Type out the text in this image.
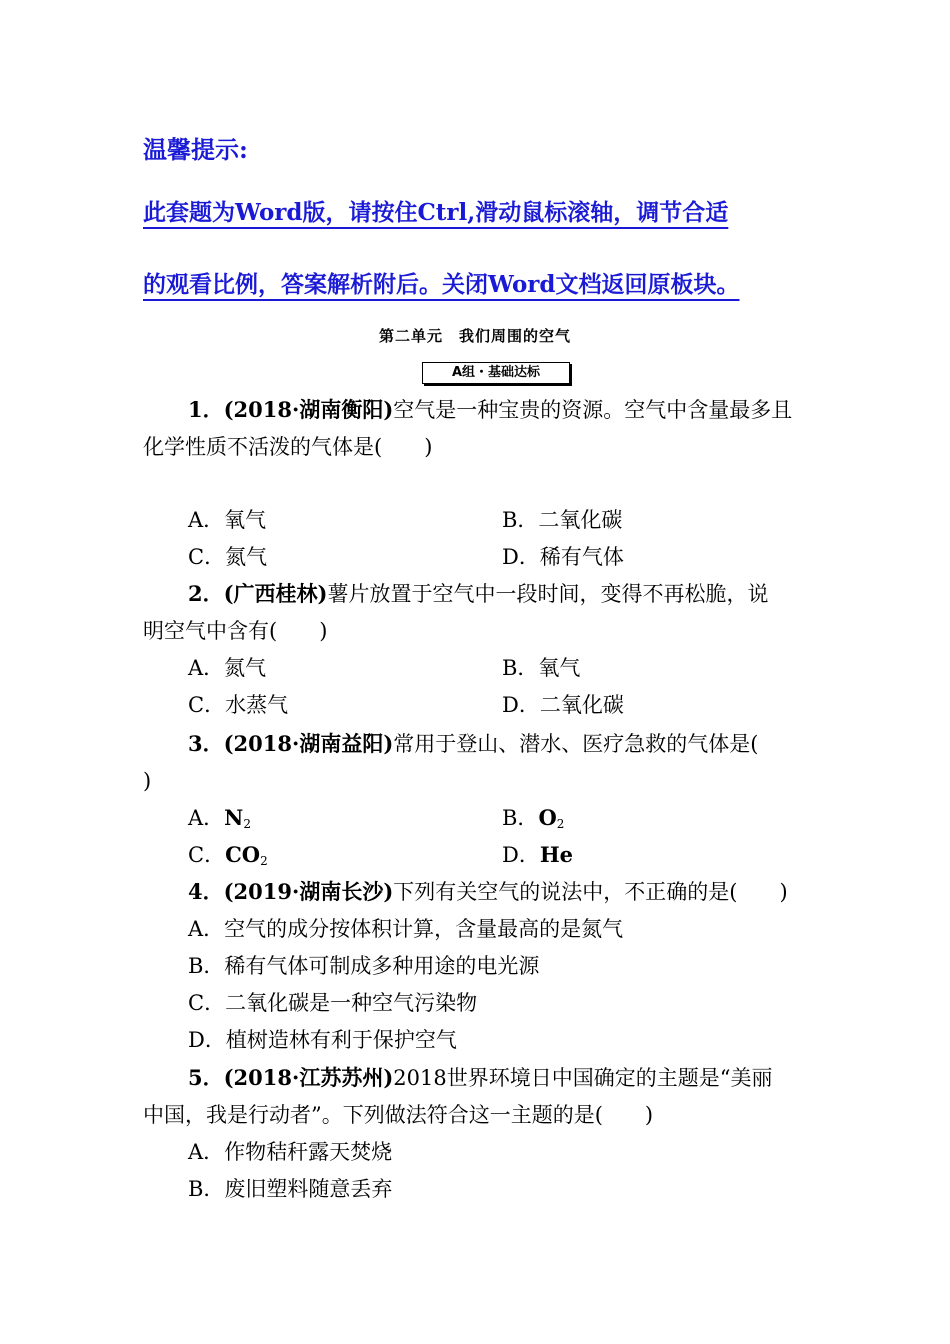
温馨提示:

此套题为Word版，请按住Ctrl,滑动鼠标滚轴，调节合适

的观看比例，答案解析附后。关闭Word文档返回原板块。

第二单元　我们周围的空气

A组・基础达标

1．(2018·湖南衡阳)空气是一种宝贵的资源。空气中含量最多且

化学性质不活泼的气体是(　　)

A．氧气	B．二氧化碳

C．氮气	D．稀有气体

2．(广西桂林)薯片放置于空气中一段时间，变得不再松脆，说

明空气中含有(　　)

A．氮气	B．氧气

C．水蒸气	D．二氧化碳

3．(2018·湖南益阳)常用于登山、潜水、医疗急救的气体是(

)

A．$N_2$	B．$O_2$

C．$CO_2$	D．He

4．(2019·湖南长沙)下列有关空气的说法中，不正确的是(　　)

A．空气的成分按体积计算，含量最高的是氮气

B．稀有气体可制成多种用途的电光源

C．二氧化碳是一种空气污染物

D．植树造林有利于保护空气

5．(2018·江苏苏州)2018世界环境日中国确定的主题是“美丽

中国，我是行动者”。下列做法符合这一主题的是(　　)

A．作物秸秆露天焚烧

B．废旧塑料随意丢弃
